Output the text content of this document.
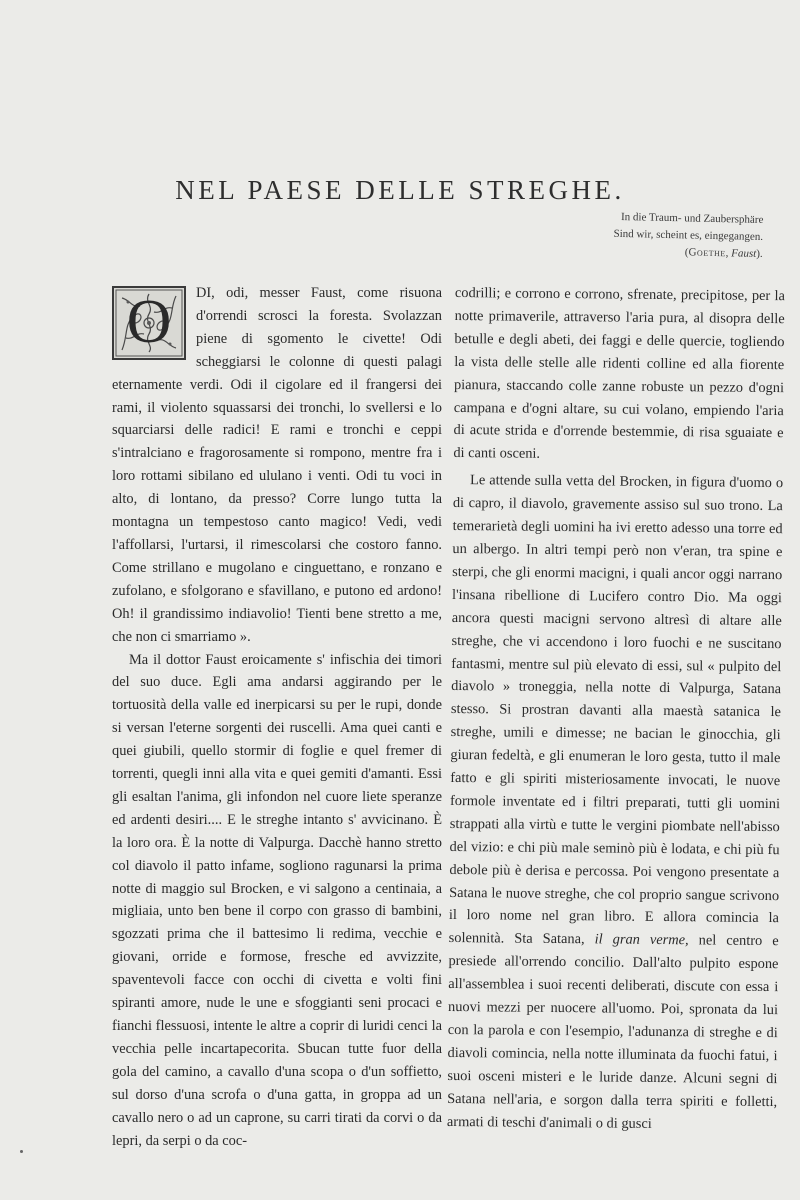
NEL PAESE DELLE STREGHE.
In die Traum- und Zaubersphäre
Sind wir, scheint es, eingegangen.
(Goethe, Faust).
O	DI, odi, messer Faust, come risuona d'orrendi scrosci la foresta. Svolazzan piene di sgomento le civette! Odi scheggiarsi le colonne di questi palagi eternamente verdi. Odi il cigolare ed il frangersi dei rami, il violento squassarsi dei tronchi, lo svellersi e lo squarciarsi delle radici! E rami e tronchi e ceppi s'intralciano e fragorosamente si rompono, mentre fra i loro rottami sibilano ed ululano i venti. Odi tu voci in alto, di lontano, da presso? Corre lungo tutta la montagna un tempestoso canto magico! Vedi, vedi l'affollarsi, l'urtarsi, il rimescolarsi che costoro fanno. Come strillano e mugolano e cinguettano, e ronzano e zufolano, e sfolgorano e sfavillano, e putono ed ardono! Oh! il grandissimo indiavolio! Tienti bene stretto a me, che non ci smarriamo ».

Ma il dottor Faust eroicamente s' infischia dei timori del suo duce. Egli ama andarsi aggirando per le tortuosità della valle ed inerpicarsi su per le rupi, donde si versan l'eterne sorgenti dei ruscelli. Ama quei canti e quei giubili, quello stormir di foglie e quel fremer di torrenti, quegli inni alla vita e quei gemiti d'amanti. Essi gli esaltan l'anima, gli infondon nel cuore liete speranze ed ardenti desiri.... E le streghe intanto s' avvicinano. È la loro ora. È la notte di Valpurga. Dacchè hanno stretto col diavolo il patto infame, sogliono ragunarsi la prima notte di maggio sul Brocken, e vi salgono a centinaia, a migliaia, unto ben bene il corpo con grasso di bambini, sgozzati prima che il battesimo li redima, vecchie e giovani, orride e formose, fresche ed avvizzite, spaventevoli facce con occhi di civetta e volti fini spiranti amore, nude le une e sfoggianti seni procaci e fianchi flessuosi, intente le altre a coprir di luridi cenci la vecchia pelle incartapecorita. Sbucan tutte fuor della gola del camino, a cavallo d'una scopa o d'un soffietto, sul dorso d'una scrofa o d'una gatta, in groppa ad un cavallo nero o ad un caprone, su carri tirati da corvi o da lepri, da serpi o da coc-

codrilli; e corrono e corrono, sfrenate, precipitose, per la notte primaverile, attraverso l'aria pura, al disopra delle betulle e degli abeti, dei faggi e delle quercie, togliendo la vista delle stelle alle ridenti colline ed alla fiorente pianura, staccando colle zanne robuste un pezzo d'ogni campana e d'ogni altare, su cui volano, empiendo l'aria di acute strida e d'orrende bestemmie, di risa sguaiate e di canti osceni.

Le attende sulla vetta del Brocken, in figura d'uomo o di capro, il diavolo, gravemente assiso sul suo trono. La temerarietà degli uomini ha ivi eretto adesso una torre ed un albergo. In altri tempi però non v'eran, tra spine e sterpi, che gli enormi macigni, i quali ancor oggi narrano l'insana ribellione di Lucifero contro Dio. Ma oggi ancora questi macigni servono altresì di altare alle streghe, che vi accendono i loro fuochi e ne suscitano fantasmi, mentre sul più elevato di essi, sul « pulpito del diavolo » troneggia, nella notte di Valpurga, Satana stesso. Si prostran davanti alla maestà satanica le streghe, umili e dimesse; ne bacian le ginocchia, gli giuran fedeltà, e gli enumeran le loro gesta, tutto il male fatto e gli spiriti misteriosamente invocati, le nuove formole inventate ed i filtri preparati, tutti gli uomini strappati alla virtù e tutte le vergini piombate nell'abisso del vizio: e chi più male seminò più è lodata, e chi più fu debole più è derisa e percossa. Poi vengono presentate a Satana le nuove streghe, che col proprio sangue scrivono il loro nome nel gran libro. E allora comincia la solennità. Sta Satana, il gran verme, nel centro e presiede all'orrendo concilio. Dall'alto pulpito espone all'assemblea i suoi recenti deliberati, discute con essa i nuovi mezzi per nuocere all'uomo. Poi, spronata da lui con la parola e con l'esempio, l'adunanza di streghe e di diavoli comincia, nella notte illuminata da fuochi fatui, i suoi osceni misteri e le luride danze. Alcuni segni di Satana nell'aria, e sorgon dalla terra spiriti e folletti, armati di teschi d'animali o di gusci
